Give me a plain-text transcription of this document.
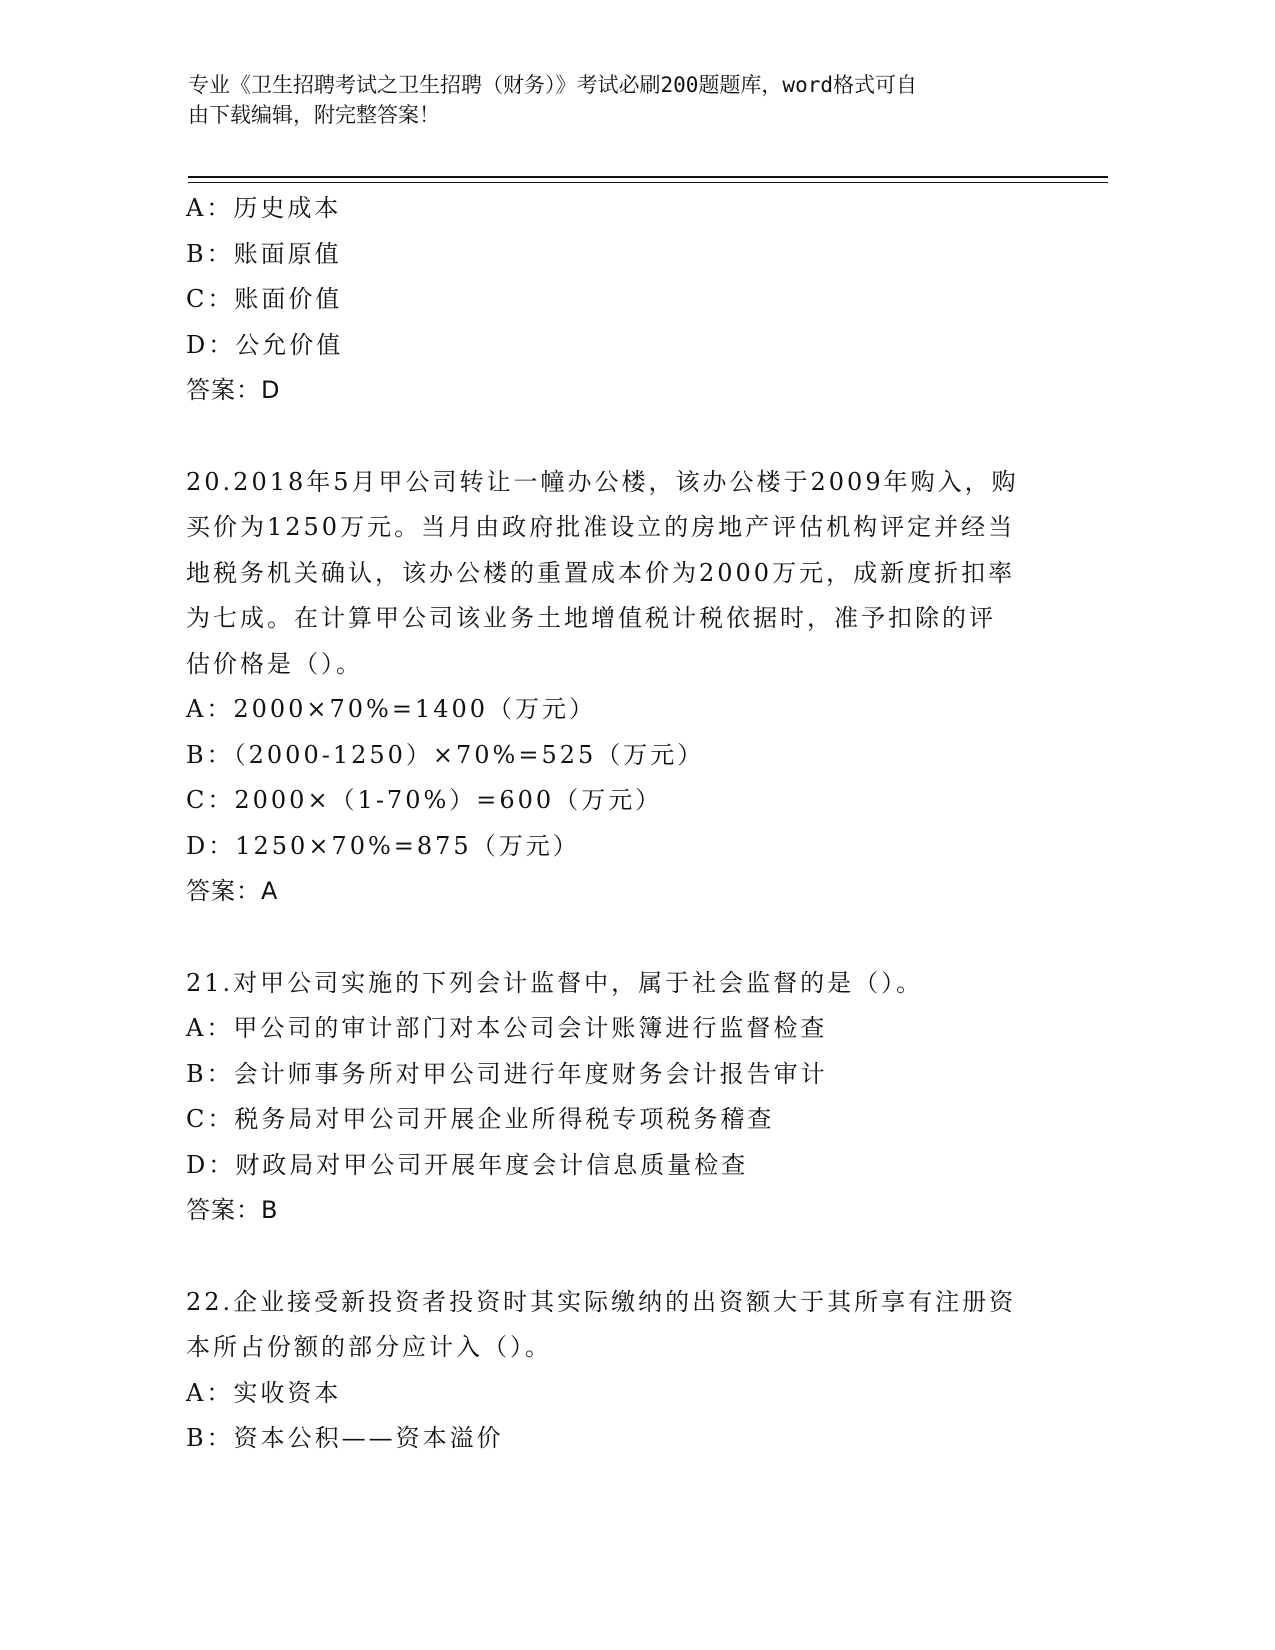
专业《卫生招聘考试之卫生招聘（财务）》考试必刷200题题库，word格式可自
由下载编辑，附完整答案！
A：历史成本
B：账面原值
C：账面价值
D：公允价值
答案：D
20.2018年5月甲公司转让一幢办公楼，该办公楼于2009年购入，购
买价为1250万元。当月由政府批准设立的房地产评估机构评定并经当
地税务机关确认，该办公楼的重置成本价为2000万元，成新度折扣率
为七成。在计算甲公司该业务土地增值税计税依据时，准予扣除的评
估价格是（）。
A：2000×70%=1400（万元）
B：（2000-1250）×70%=525（万元）
C：2000×（1-70%）=600（万元）
D：1250×70%=875（万元）
答案：A
21.对甲公司实施的下列会计监督中，属于社会监督的是（）。
A：甲公司的审计部门对本公司会计账簿进行监督检查
B：会计师事务所对甲公司进行年度财务会计报告审计
C：税务局对甲公司开展企业所得税专项税务稽查
D：财政局对甲公司开展年度会计信息质量检查
答案：B
22.企业接受新投资者投资时其实际缴纳的出资额大于其所享有注册资
本所占份额的部分应计入（）。
A：实收资本
B：资本公积——资本溢价
